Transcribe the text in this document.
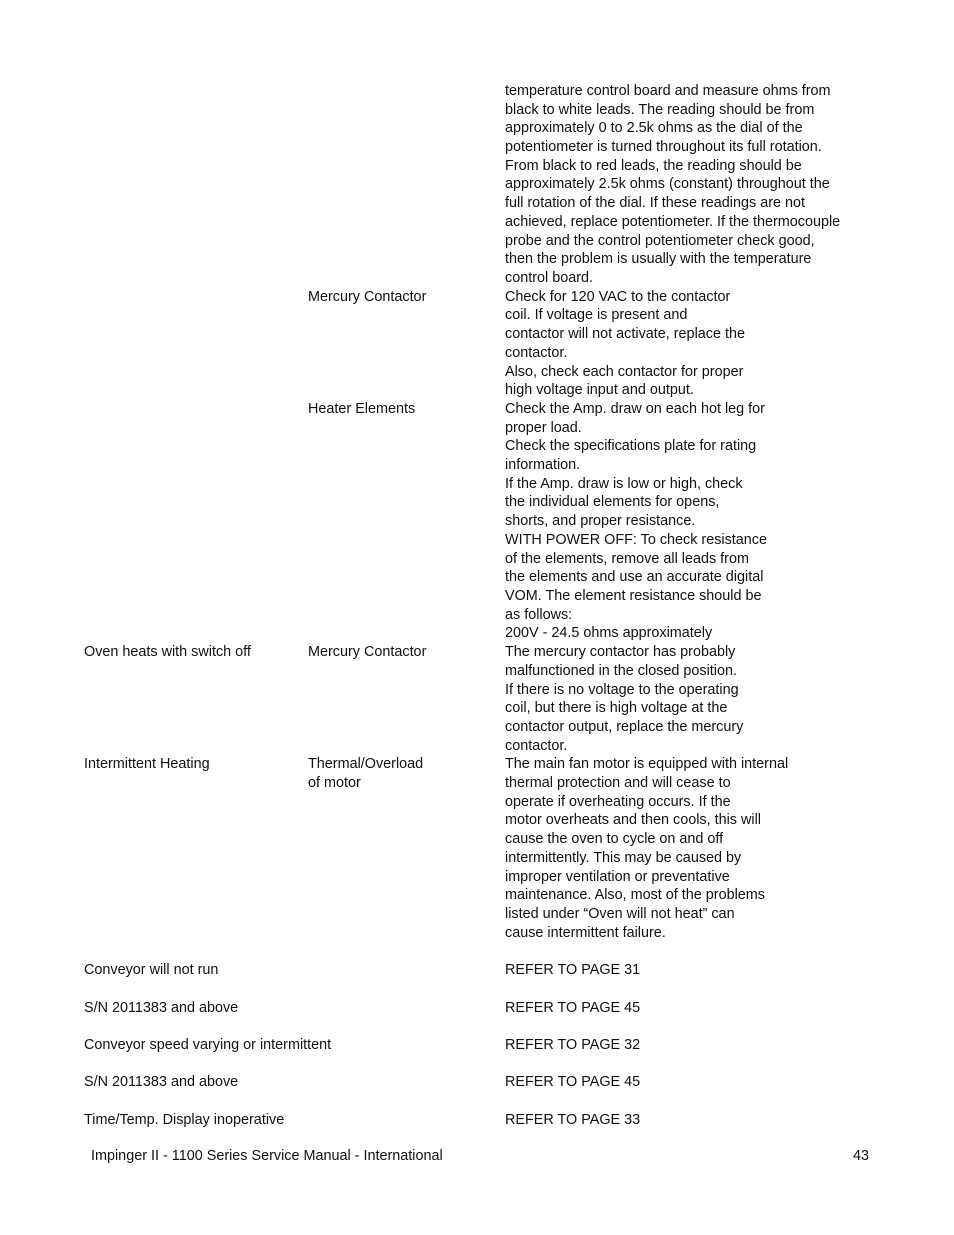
temperature control board and measure ohms from
black to white leads. The reading should be from
approximately 0 to 2.5k ohms as the dial of the
potentiometer is turned throughout its full rotation.
From black to red leads, the reading should be
approximately 2.5k ohms (constant) throughout the
full rotation of the dial. If these readings are not
achieved, replace potentiometer. If the thermocouple
probe and the control potentiometer check good,
then the problem is usually with the temperature
control board.
Mercury Contactor	Check for 120 VAC to the contactor
coil. If voltage is present and
contactor will not activate, replace the
contactor.
Also, check each contactor for proper
high voltage input and output.
Heater Elements	Check the Amp. draw on each hot leg for
proper load.
Check the specifications plate for rating
information.
If the Amp. draw is low or high, check
the individual elements for opens,
shorts, and proper resistance.
WITH POWER OFF: To check resistance
of the elements, remove all leads from
the elements and use an accurate digital
VOM. The element resistance should be
as follows:
200V - 24.5 ohms approximately
Oven heats with switch off	Mercury Contactor	The mercury contactor has probably
malfunctioned in the closed position.
If there is no voltage to the operating
coil, but there is high voltage at the
contactor output, replace the mercury
contactor.
Intermittent Heating	Thermal/Overload
of motor
The main fan motor is equipped with internal
thermal protection and will cease to
operate if overheating occurs. If the
motor overheats and then cools, this will
cause the oven to cycle on and off
intermittently. This may be caused by
improper ventilation or preventative
maintenance. Also, most of the problems
listed under “Oven will not heat” can
cause intermittent failure.
Conveyor will not run	REFER TO PAGE 31
S/N 2011383 and above	REFER TO PAGE 45
Conveyor speed varying or intermittent	REFER TO PAGE 32
S/N 2011383 and above	REFER TO PAGE 45
Time/Temp. Display inoperative	REFER TO PAGE 33
Impinger II - 1100 Series Service Manual - International	43
